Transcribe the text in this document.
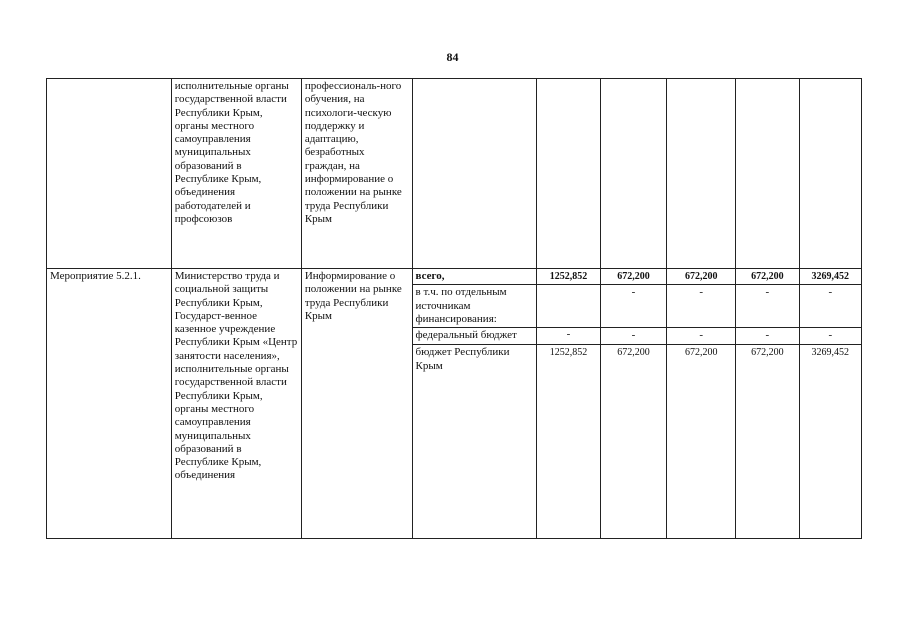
84
	исполнительные органы государственной власти Республики Крым, органы местного самоуправления муниципальных образований в Республике Крым, объединения работодателей и профсоюзов	профессиональ-ного обучения, на психологи-ческую поддержку и адаптацию, безработных граждан, на информирование о положении на рынке труда Республики Крым						
Мероприятие 5.2.1.	Министерство труда и социальной защиты Республики Крым, Государст-венное казенное учреждение Республики Крым «Центр занятости населения», исполнительные органы государственной власти Республики Крым, органы местного самоуправления муниципальных образований в Республике Крым, объединения	Информирование о положении на рынке труда Республики Крым	всего,	1252,852	672,200	672,200	672,200	3269,452
			в т.ч. по отдельным источникам финансирования:		-	-	-	-
			федеральный бюджет	-	-	-	-	-
			бюджет Республики Крым	1252,852	672,200	672,200	672,200	3269,452
